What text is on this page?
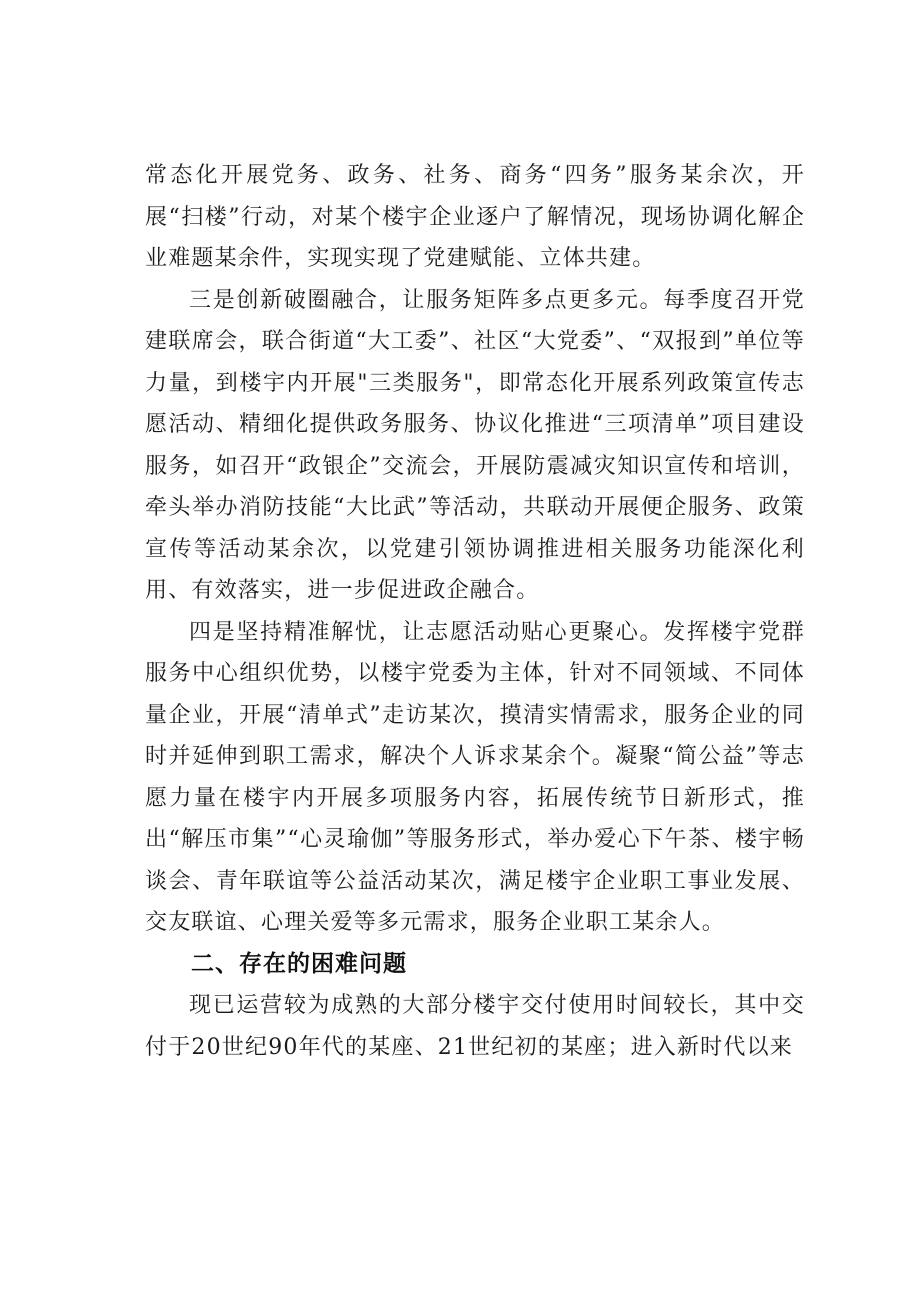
常态化开展党务、政务、社务、商务“四务”服务某余次，开展“扫楼”行动，对某个楼宇企业逐户了解情况，现场协调化解企业难题某余件，实现实现了党建赋能、立体共建。

三是创新破圈融合，让服务矩阵多点更多元。每季度召开党建联席会，联合街道“大工委”、社区“大党委”、“双报到”单位等力量，到楼宇内开展"三类服务"，即常态化开展系列政策宣传志愿活动、精细化提供政务服务、协议化推进“三项清单”项目建设服务，如召开“政银企”交流会，开展防震减灾知识宣传和培训，牵头举办消防技能“大比武”等活动，共联动开展便企服务、政策宣传等活动某余次，以党建引领协调推进相关服务功能深化利用、有效落实，进一步促进政企融合。

四是坚持精准解忧，让志愿活动贴心更聚心。发挥楼宇党群服务中心组织优势，以楼宇党委为主体，针对不同领域、不同体量企业，开展“清单式”走访某次，摸清实情需求，服务企业的同时并延伸到职工需求，解决个人诉求某余个。凝聚“简公益”等志愿力量在楼宇内开展多项服务内容，拓展传统节日新形式，推出“解压市集”“心灵瑜伽”等服务形式，举办爱心下午茶、楼宇畅谈会、青年联谊等公益活动某次，满足楼宇企业职工事业发展、交友联谊、心理关爱等多元需求，服务企业职工某余人。

二、存在的困难问题

现已运营较为成熟的大部分楼宇交付使用时间较长，其中交付于20世纪90年代的某座、21世纪初的某座；进入新时代以来
